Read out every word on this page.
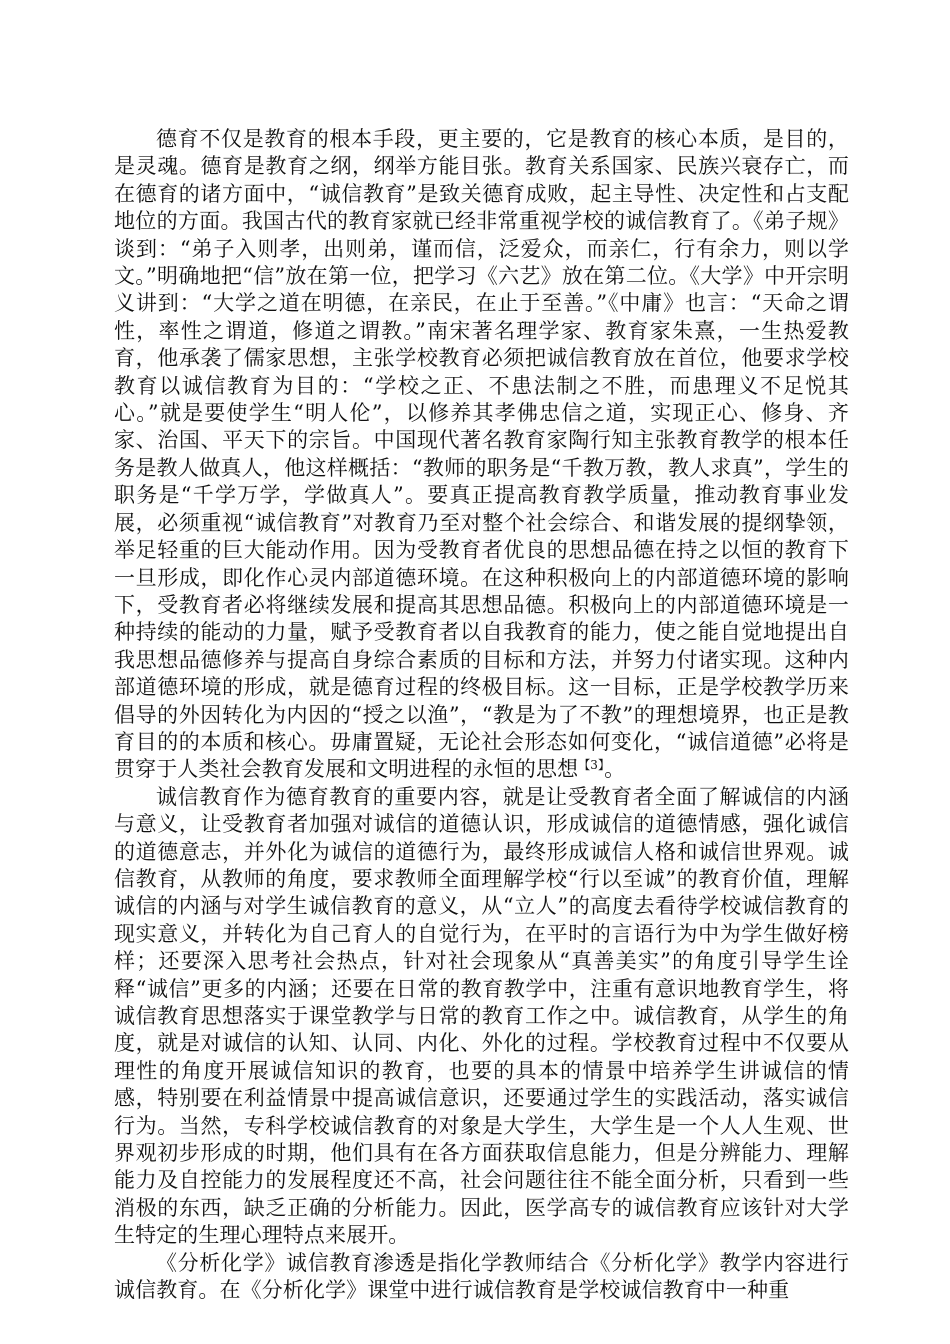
德育不仅是教育的根本手段，更主要的，它是教育的核心本质，是目的，是灵魂。德育是教育之纲，纲举方能目张。教育关系国家、民族兴衰存亡，而在德育的诸方面中，“诚信教育”是致关德育成败，起主导性、决定性和占支配地位的方面。我国古代的教育家就已经非常重视学校的诚信教育了。《弟子规》谈到：“弟子入则孝，出则弟，谨而信，泛爱众，而亲仁，行有余力，则以学文。”明确地把“信”放在第一位，把学习《六艺》放在第二位。《大学》中开宗明义讲到：“大学之道在明德，在亲民，在止于至善。”《中庸》也言：“天命之谓性，率性之谓道，修道之谓教。”南宋著名理学家、教育家朱熹，一生热爱教育，他承袭了儒家思想，主张学校教育必须把诚信教育放在首位，他要求学校教育以诚信教育为目的：“学校之正、不患法制之不胜，而患理义不足悦其心。”就是要使学生“明人伦”，以修养其孝佛忠信之道，实现正心、修身、齐家、治国、平天下的宗旨。中国现代著名教育家陶行知主张教育教学的根本任务是教人做真人，他这样概括：“教师的职务是“千教万教，教人求真”，学生的职务是“千学万学，学做真人”。要真正提高教育教学质量，推动教育事业发展，必须重视“诚信教育”对教育乃至对整个社会综合、和谐发展的提纲挚领，举足轻重的巨大能动作用。因为受教育者优良的思想品德在持之以恒的教育下一旦形成，即化作心灵内部道德环境。在这种积极向上的内部道德环境的影响下，受教育者必将继续发展和提高其思想品德。积极向上的内部道德环境是一种持续的能动的力量，赋予受教育者以自我教育的能力，使之能自觉地提出自我思想品德修养与提高自身综合素质的目标和方法，并努力付诸实现。这种内部道德环境的形成，就是德育过程的终极目标。这一目标，正是学校教学历来倡导的外因转化为内因的“授之以渔”，“教是为了不教”的理想境界，也正是教育目的的本质和核心。毋庸置疑，无论社会形态如何变化，“诚信道德”必将是贯穿于人类社会教育发展和文明进程的永恒的思想$^{【3】}$。

诚信教育作为德育教育的重要内容，就是让受教育者全面了解诚信的内涵与意义，让受教育者加强对诚信的道德认识，形成诚信的道德情感，强化诚信的道德意志，并外化为诚信的道德行为，最终形成诚信人格和诚信世界观。诚信教育，从教师的角度，要求教师全面理解学校“行以至诚”的教育价值，理解诚信的内涵与对学生诚信教育的意义，从“立人”的高度去看待学校诚信教育的现实意义，并转化为自己育人的自觉行为，在平时的言语行为中为学生做好榜样；还要深入思考社会热点，针对社会现象从“真善美实”的角度引导学生诠释“诚信”更多的内涵；还要在日常的教育教学中，注重有意识地教育学生，将诚信教育思想落实于课堂教学与日常的教育工作之中。诚信教育，从学生的角度，就是对诚信的认知、认同、内化、外化的过程。学校教育过程中不仅要从理性的角度开展诚信知识的教育，也要的具本的情景中培养学生讲诚信的情感，特别要在利益情景中提高诚信意识，还要通过学生的实践活动，落实诚信行为。当然，专科学校诚信教育的对象是大学生，大学生是一个人人生观、世界观初步形成的时期，他们具有在各方面获取信息能力，但是分辨能力、理解能力及自控能力的发展程度还不高，社会问题往往不能全面分析，只看到一些消极的东西，缺乏正确的分析能力。因此，医学高专的诚信教育应该针对大学生特定的生理心理特点来展开。

《分析化学》诚信教育渗透是指化学教师结合《分析化学》教学内容进行诚信教育。在《分析化学》课堂中进行诚信教育是学校诚信教育中一种重
